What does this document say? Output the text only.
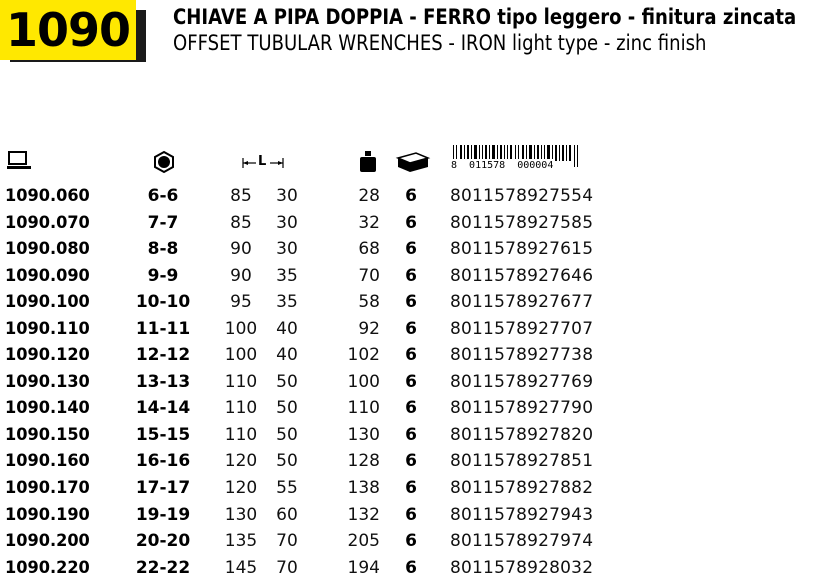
1090 CHIAVE A PIPA DOPPIA - FERRO tipo leggero - finitura zincata
OFFSET TUBULAR WRENCHES - IRON light type - zinc finish
L	8  011578  000004
1090.060	6-6	85	30	28 6 8011578927554
1090.070	7-7	85	30	32 6 8011578927585
1090.080	8-8	90	30	68 6 8011578927615
1090.090	9-9	90	35	70 6 8011578927646
1090.100	10-10	95	35	58 6 8011578927677
1090.110	11-11	100	40	92 6 8011578927707
1090.120	12-12	100	40	102 6 8011578927738
1090.130	13-13	110	50	100 6 8011578927769
1090.140	14-14	110	50	110 6 8011578927790
1090.150	15-15	110	50	130 6 8011578927820
1090.160	16-16	120	50	128 6 8011578927851
1090.170	17-17	120	55	138 6 8011578927882
1090.190	19-19	130	60	132 6 8011578927943
1090.200	20-20	135	70	205 6 8011578927974
1090.220	22-22	145	70	194 6 8011578928032
